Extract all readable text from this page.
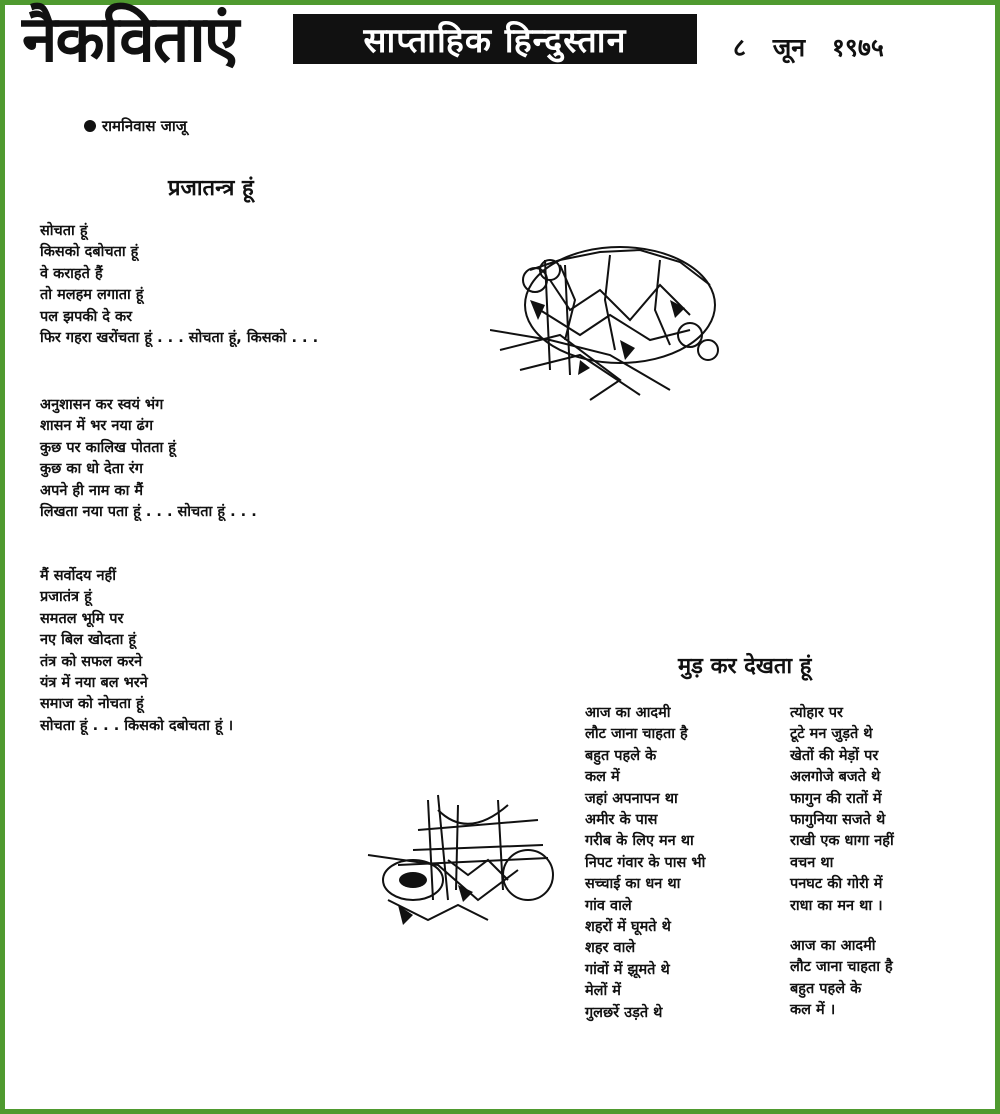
नैकविताएं
रामनिवास जाजू
साप्ताहिक हिन्दुस्तान	८ जून १९७५
प्रजातन्त्र हूं
सोचता हूं
किसको दबोचता हूं
वे कराहते हैं
तो मलहम लगाता हूं
पल झपकी दे कर
फिर गहरा खरोंचता हूं . . . सोचता हूं, किसको . . .
अनुशासन कर स्वयं भंग
शासन में भर नया ढंग
कुछ पर कालिख पोतता हूं
कुछ का धो देता रंग
अपने ही नाम का मैं
लिखता नया पता हूं . . . सोचता हूं . . .
मैं सर्वोदय नहीं
प्रजातंत्र हूं
समतल भूमि पर
नए बिल खोदता हूं
तंत्र को सफल करने
यंत्र में नया बल भरने
समाज को नोचता हूं
सोचता हूं . . . किसको दबोचता हूं ।
मुड़ कर देखता हूं
आज का आदमी
लौट जाना चाहता है
बहुत पहले के
कल में
जहां अपनापन था
अमीर के पास
गरीब के लिए मन था
निपट गंवार के पास भी
सच्चाई का धन था
गांव वाले
शहरों में घूमते थे
शहर वाले
गांवों में झूमते थे
मेलों में
गुलछर्रे उड़ते थे
त्योहार पर
टूटे मन जुड़ते थे
खेतों की मेड़ों पर
अलगोजे बजते थे
फागुन की रातों में
फागुनिया सजते थे
राखी एक धागा नहीं
वचन था
पनघट की गोरी में
राधा का मन था ।
आज का आदमी
लौट जाना चाहता है
बहुत पहले के
कल में ।
